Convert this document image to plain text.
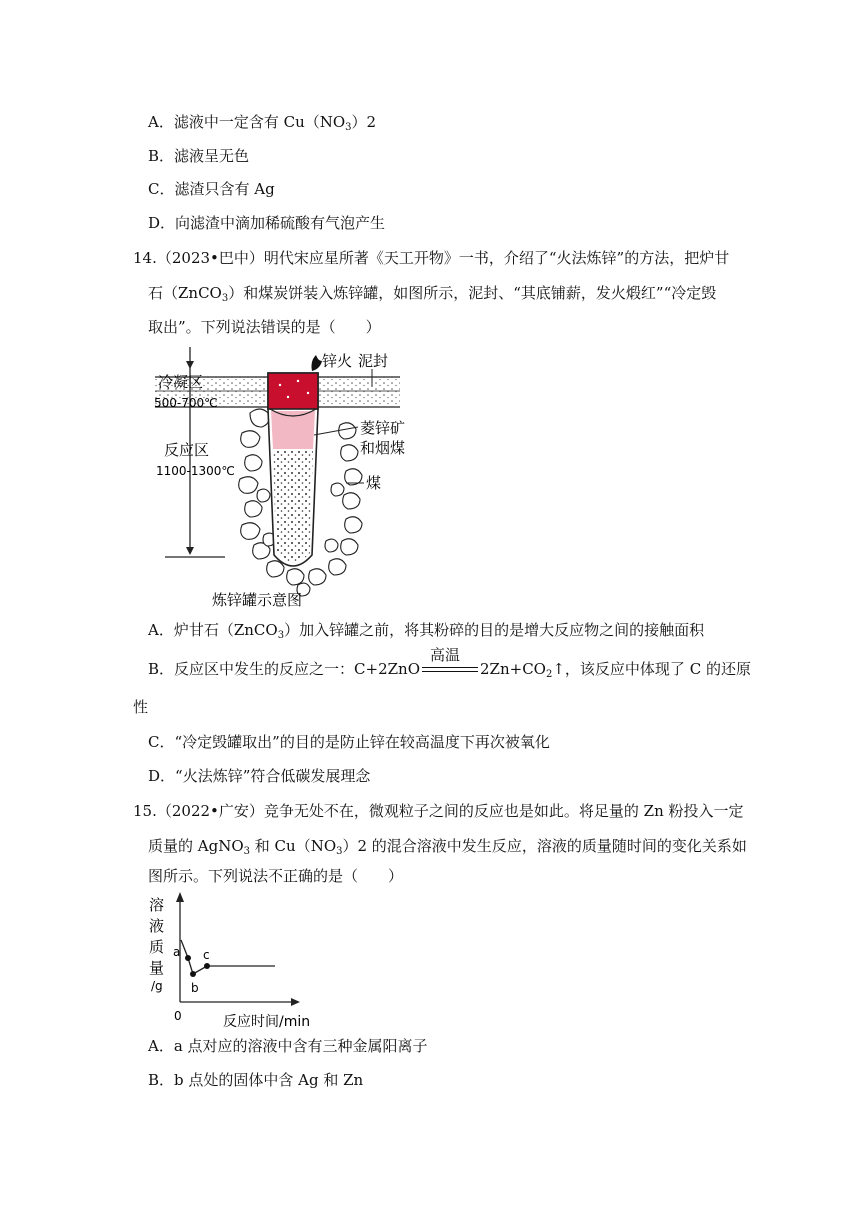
A．滤液中一定含有 $Cu(NO_3)2$
B．滤液呈无色
C．滤渣只含有 Ag
D．向滤渣中滴加稀硫酸有气泡产生
14.（2023•巴中）明代宋应星所著《天工开物》一书，介绍了“火法炼锌”的方法，把炉甘
石（ZnCO$_3$）和煤炭饼装入炼锌罐，如图所示，泥封、“其底铺薪，发火煅红”“冷定毁
取出”。下列说法错误的是（　　）
冷凝区
500-700℃
反应区
1100-1300℃
锌火 泥封
菱锌矿
和烟煤
煤
炼锌罐示意图
A．炉甘石（ZnCO$_3$）加入锌罐之前，将其粉碎的目的是增大反应物之间的接触面积
B．反应区中发生的反应之一：C+2ZnO
高温
$2Zn+CO_2↑$，该反应中体现了 C 的还原
性
C．“冷定毁罐取出”的目的是防止锌在较高温度下再次被氧化
D．“火法炼锌”符合低碳发展理念
15.（2022•广安）竞争无处不在，微观粒子之间的反应也是如此。将足量的 Zn 粉投入一定
质量的 AgNO$_3$ 和 $Cu(NO_3)2$ 的混合溶液中发生反应，溶液的质量随时间的变化关系如
图所示。下列说法不正确的是（　　）
a
b
c
溶
液
质
量
/g
0	反应时间/min
A．a 点对应的溶液中含有三种金属阳离子
B．b 点处的固体中含 Ag 和 Zn
